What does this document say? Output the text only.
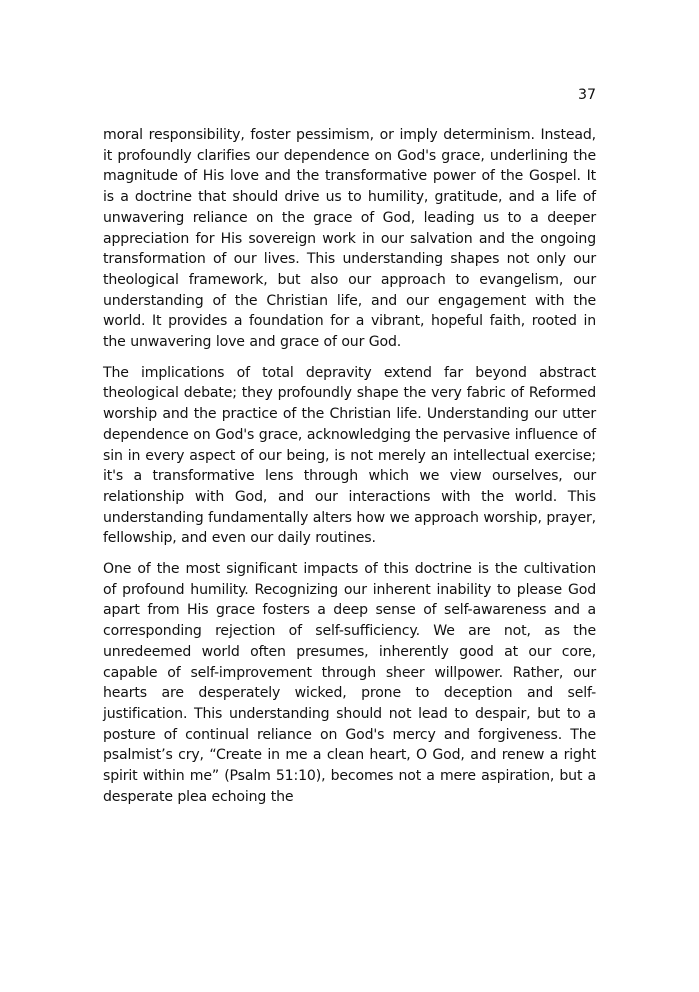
37

moral responsibility, foster pessimism, or imply determinism. Instead, it profoundly clarifies our dependence on God's grace, underlining the magnitude of His love and the transformative power of the Gospel. It is a doctrine that should drive us to humility, gratitude, and a life of unwavering reliance on the grace of God, leading us to a deeper appreciation for His sovereign work in our salvation and the ongoing transformation of our lives. This understanding shapes not only our theological framework, but also our approach to evangelism, our understanding of the Christian life, and our engagement with the world. It provides a foundation for a vibrant, hopeful faith, rooted in the unwavering love and grace of our God.

The implications of total depravity extend far beyond abstract theological debate; they profoundly shape the very fabric of Reformed worship and the practice of the Christian life. Understanding our utter dependence on God's grace, acknowledging the pervasive influence of sin in every aspect of our being, is not merely an intellectual exercise; it's a transformative lens through which we view ourselves, our relationship with God, and our interactions with the world. This understanding fundamentally alters how we approach worship, prayer, fellowship, and even our daily routines.

One of the most significant impacts of this doctrine is the cultivation of profound humility. Recognizing our inherent inability to please God apart from His grace fosters a deep sense of self-awareness and a corresponding rejection of self-sufficiency. We are not, as the unredeemed world often presumes, inherently good at our core, capable of self-improvement through sheer willpower. Rather, our hearts are desperately wicked, prone to deception and self-justification. This understanding should not lead to despair, but to a posture of continual reliance on God's mercy and forgiveness. The psalmist’s cry, “Create in me a clean heart, O God, and renew a right spirit within me” (Psalm 51:10), becomes not a mere aspiration, but a desperate plea echoing the
